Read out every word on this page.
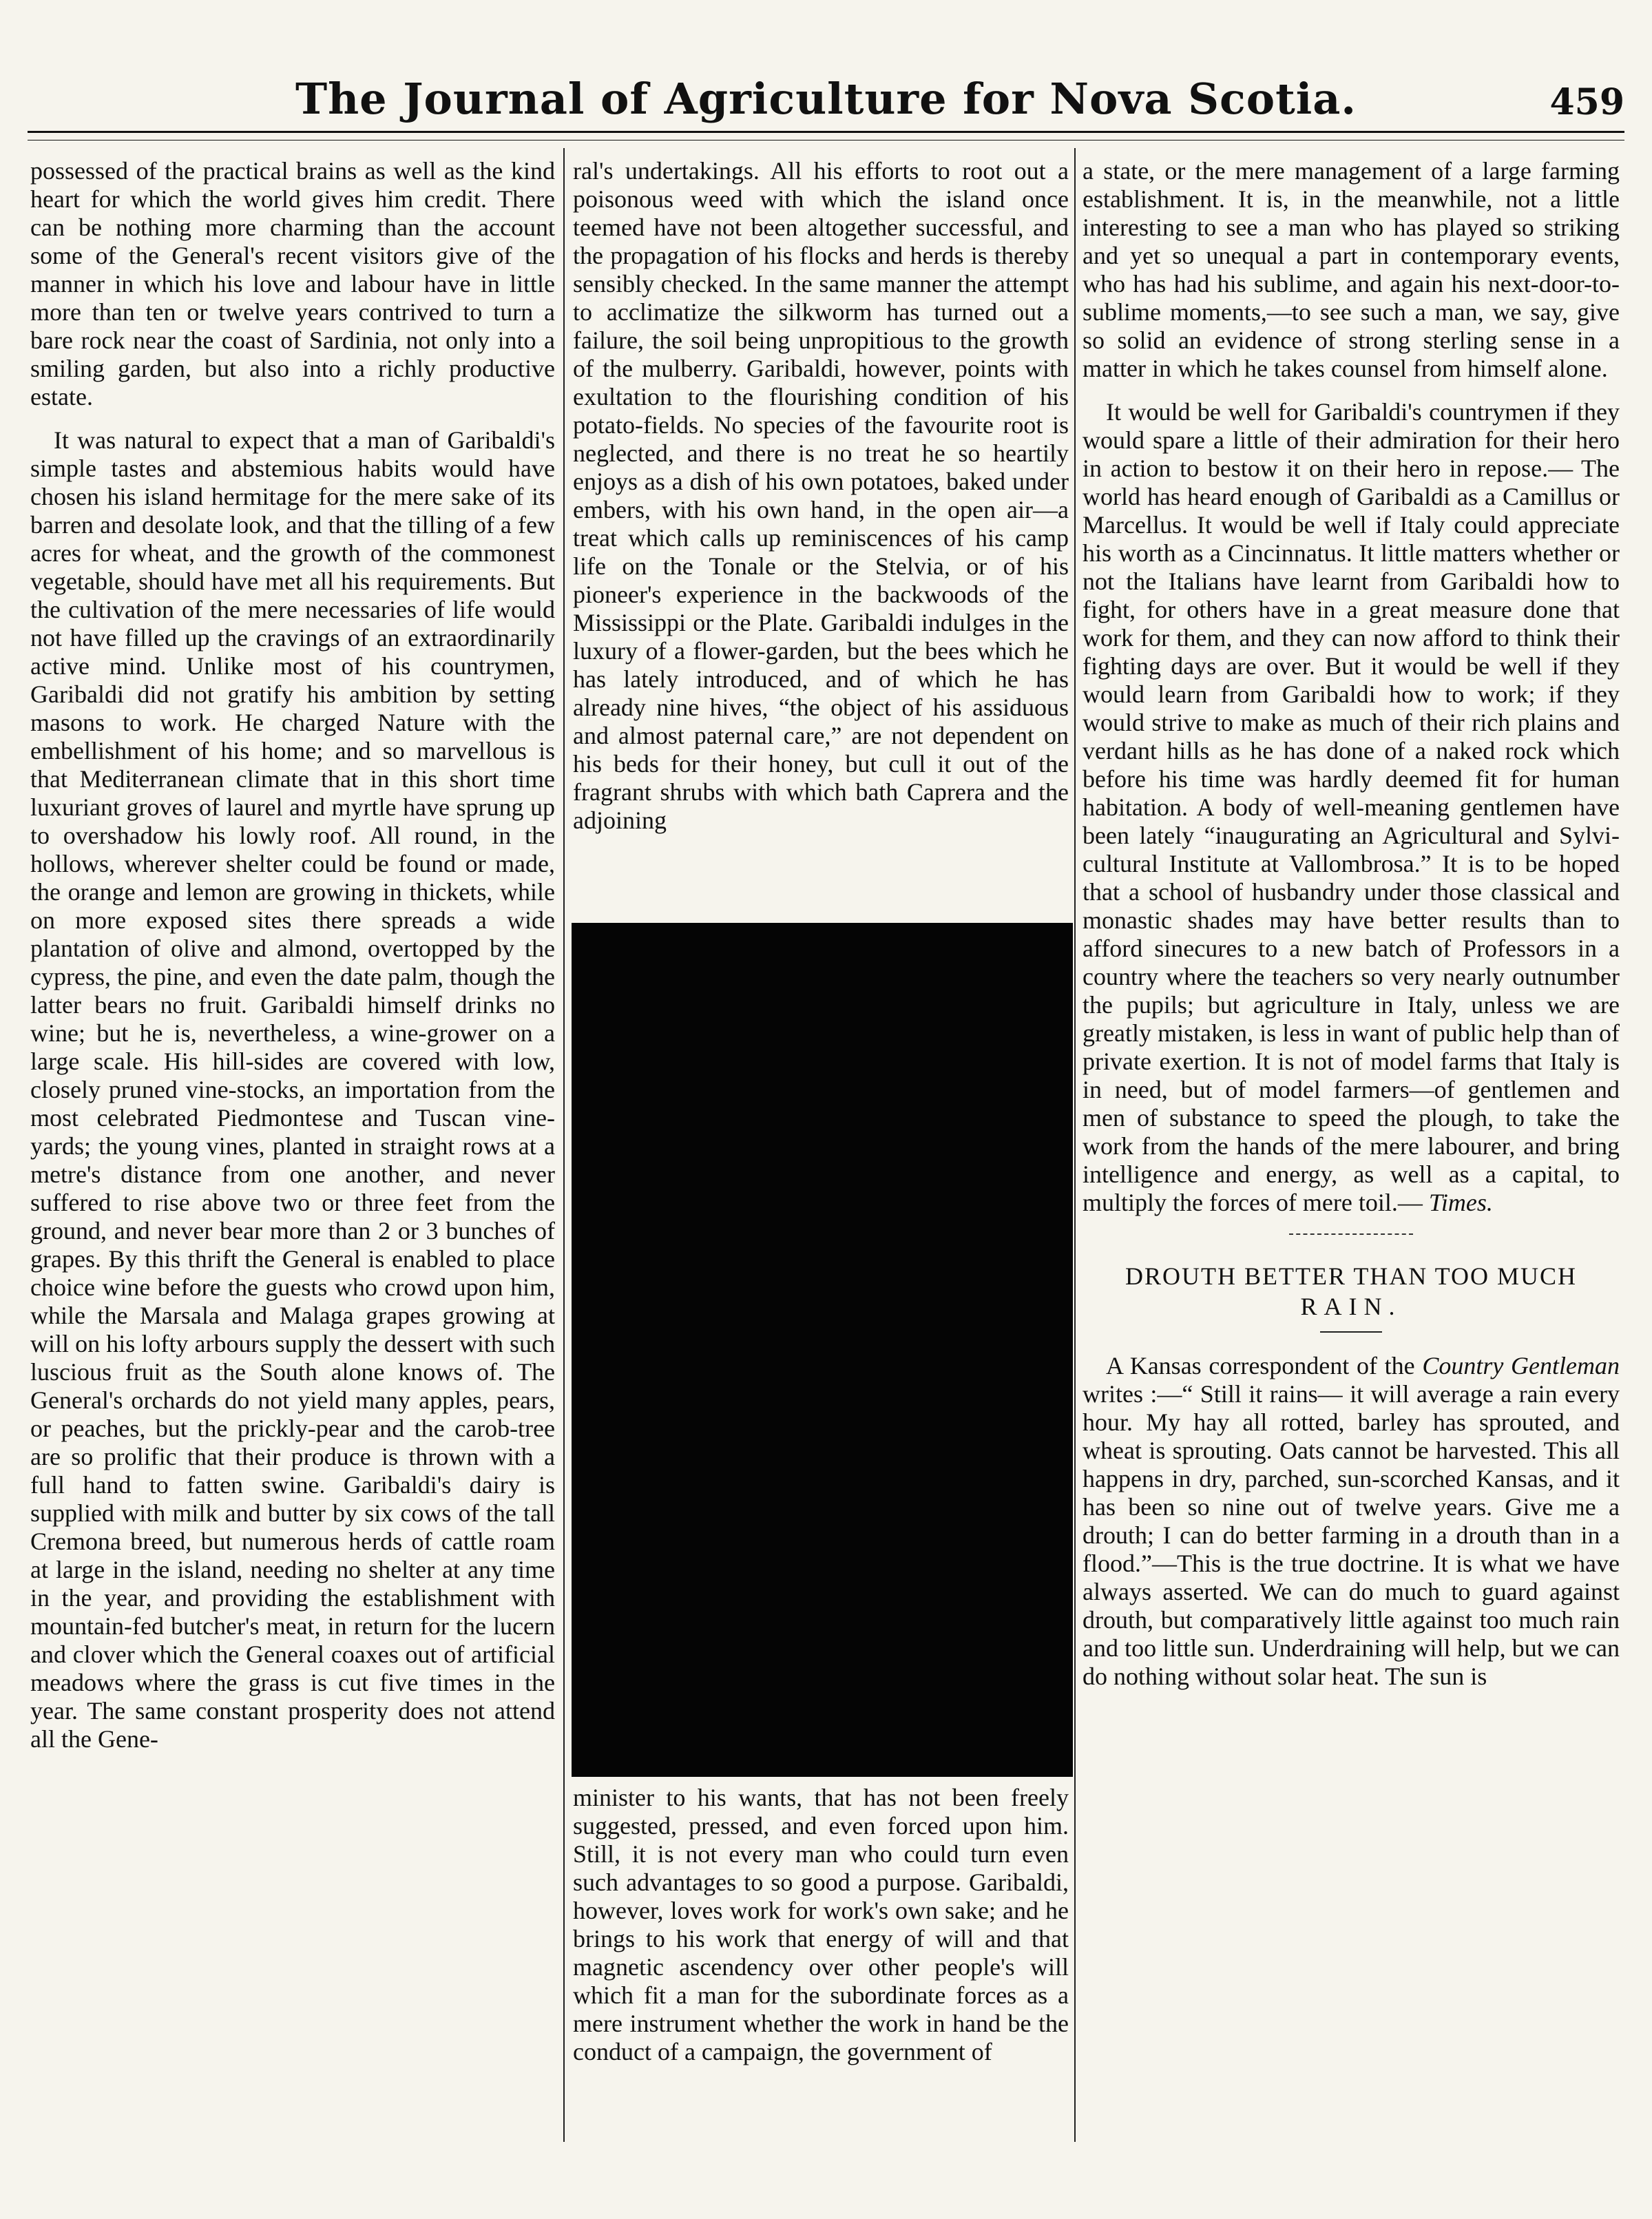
The Journal of Agriculture for Nova Scotia.	459

possessed of the practical brains as well as the kind heart for which the world gives him credit. There can be nothing more charming than the account some of the General's recent visitors give of the manner in which his love and labour have in little more than ten or twelve years contrived to turn a bare rock near the coast of Sardinia, not only into a smiling garden, but also into a richly productive estate.

It was natural to expect that a man of Garibaldi's simple tastes and abstemious habits would have chosen his island hermitage for the mere sake of its barren and desolate look, and that the tilling of a few acres for wheat, and the growth of the commonest vegetable, should have met all his requirements. But the cultivation of the mere necessaries of life would not have filled up the cravings of an extraordinarily active mind. Unlike most of his countrymen, Garibaldi did not gratify his ambition by setting masons to work. He charged Nature with the embellishment of his home; and so marvellous is that Mediterranean climate that in this short time luxuriant groves of laurel and myrtle have sprung up to overshadow his lowly roof. All round, in the hollows, wherever shelter could be found or made, the orange and lemon are growing in thickets, while on more exposed sites there spreads a wide plantation of olive and almond, overtopped by the cypress, the pine, and even the date palm, though the latter bears no fruit. Garibaldi himself drinks no wine; but he is, nevertheless, a wine-grower on a large scale. His hill-sides are covered with low, closely pruned vine-stocks, an importation from the most celebrated Piedmontese and Tuscan vine-yards; the young vines, planted in straight rows at a metre's distance from one another, and never suffered to rise above two or three feet from the ground, and never bear more than 2 or 3 bunches of grapes. By this thrift the General is enabled to place choice wine before the guests who crowd upon him, while the Marsala and Malaga grapes growing at will on his lofty arbours supply the dessert with such luscious fruit as the South alone knows of. The General's orchards do not yield many apples, pears, or peaches, but the prickly-pear and the carob-tree are so prolific that their produce is thrown with a full hand to fatten swine. Garibaldi's dairy is supplied with milk and butter by six cows of the tall Cremona breed, but numerous herds of cattle roam at large in the island, needing no shelter at any time in the year, and providing the establishment with mountain-fed butcher's meat, in return for the lucern and clover which the General coaxes out of artificial meadows where the grass is cut five times in the year. The same constant prosperity does not attend all the Gene-

ral's undertakings. All his efforts to root out a poisonous weed with which the island once teemed have not been altogether successful, and the propagation of his flocks and herds is thereby sensibly checked. In the same manner the attempt to acclimatize the silkworm has turned out a failure, the soil being unpropitious to the growth of the mulberry. Garibaldi, however, points with exultation to the flourishing condition of his potato-fields. No species of the favourite root is neglected, and there is no treat he so heartily enjoys as a dish of his own potatoes, baked under embers, with his own hand, in the open air—a treat which calls up reminiscences of his camp life on the Tonale or the Stelvia, or of his pioneer's experience in the backwoods of the Mississippi or the Plate. Garibaldi indulges in the luxury of a flower-garden, but the bees which he has lately introduced, and of which he has already nine hives, “the object of his assiduous and almost paternal care,” are not dependent on his beds for their honey, but cull it out of the fragrant shrubs with which bath Caprera and the adjoining

minister to his wants, that has not been freely suggested, pressed, and even forced upon him. Still, it is not every man who could turn even such advantages to so good a purpose. Garibaldi, however, loves work for work's own sake; and he brings to his work that energy of will and that magnetic ascendency over other people's will which fit a man for the subordinate forces as a mere instrument whether the work in hand be the conduct of a campaign, the government of

a state, or the mere management of a large farming establishment. It is, in the meanwhile, not a little interesting to see a man who has played so striking and yet so unequal a part in contemporary events, who has had his sublime, and again his next-door-to-sublime moments,—to see such a man, we say, give so solid an evidence of strong sterling sense in a matter in which he takes counsel from himself alone.

It would be well for Garibaldi's countrymen if they would spare a little of their admiration for their hero in action to bestow it on their hero in repose.— The world has heard enough of Garibaldi as a Camillus or Marcellus. It would be well if Italy could appreciate his worth as a Cincinnatus. It little matters whether or not the Italians have learnt from Garibaldi how to fight, for others have in a great measure done that work for them, and they can now afford to think their fighting days are over. But it would be well if they would learn from Garibaldi how to work; if they would strive to make as much of their rich plains and verdant hills as he has done of a naked rock which before his time was hardly deemed fit for human habitation. A body of well-meaning gentlemen have been lately “inaugurating an Agricultural and Sylvi-cultural Institute at Vallombrosa.” It is to be hoped that a school of husbandry under those classical and monastic shades may have better results than to afford sinecures to a new batch of Professors in a country where the teachers so very nearly outnumber the pupils; but agriculture in Italy, unless we are greatly mistaken, is less in want of public help than of private exertion. It is not of model farms that Italy is in need, but of model farmers—of gentlemen and men of substance to speed the plough, to take the work from the hands of the mere labourer, and bring intelligence and energy, as well as a capital, to multiply the forces of mere toil.— Times.

DROUTH BETTER THAN TOO MUCH
RAIN.

A Kansas correspondent of the Country Gentleman writes :—“ Still it rains— it will average a rain every hour. My hay all rotted, barley has sprouted, and wheat is sprouting. Oats cannot be harvested. This all happens in dry, parched, sun-scorched Kansas, and it has been so nine out of twelve years. Give me a drouth; I can do better farming in a drouth than in a flood.”—This is the true doctrine. It is what we have always asserted. We can do much to guard against drouth, but comparatively little against too much rain and too little sun. Underdraining will help, but we can do nothing without solar heat. The sun is
